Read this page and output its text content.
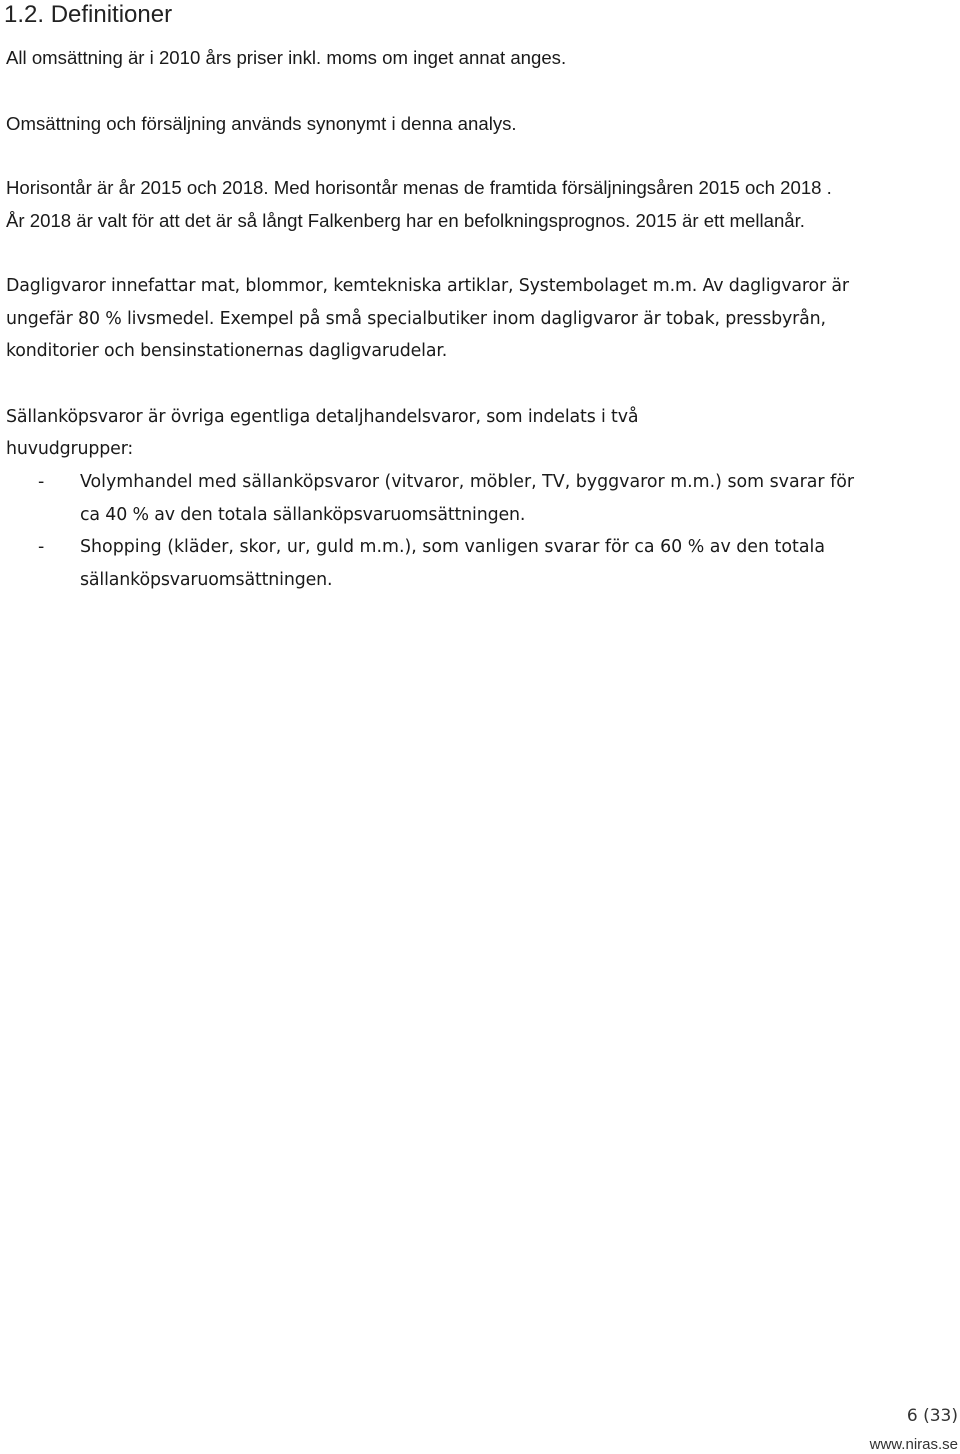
1.2. Definitioner

All omsättning är i 2010 års priser inkl. moms om inget annat anges.

Omsättning och försäljning används synonymt i denna analys.

Horisontår är år 2015 och 2018. Med horisontår menas de framtida försäljningsåren 2015 och 2018 .

År 2018 är valt för att det är så långt Falkenberg har en befolkningsprognos. 2015 är ett mellanår.

Dagligvaror innefattar mat, blommor, kemtekniska artiklar, Systembolaget m.m. Av dagligvaror är

ungefär 80 % livsmedel. Exempel på små specialbutiker inom dagligvaror är tobak, pressbyrån,

konditorier och bensinstationernas dagligvarudelar.

Sällanköpsvaror är övriga egentliga detaljhandelsvaror, som indelats i två

huvudgrupper:

- Volymhandel med sällanköpsvaror (vitvaror, möbler, TV, byggvaror m.m.) som svarar för

ca 40 % av den totala sällanköpsvaruomsättningen.

- Shopping (kläder, skor, ur, guld m.m.), som vanligen svarar för ca 60 % av den totala

sällanköpsvaruomsättningen.

6 (33)
www.niras.se
